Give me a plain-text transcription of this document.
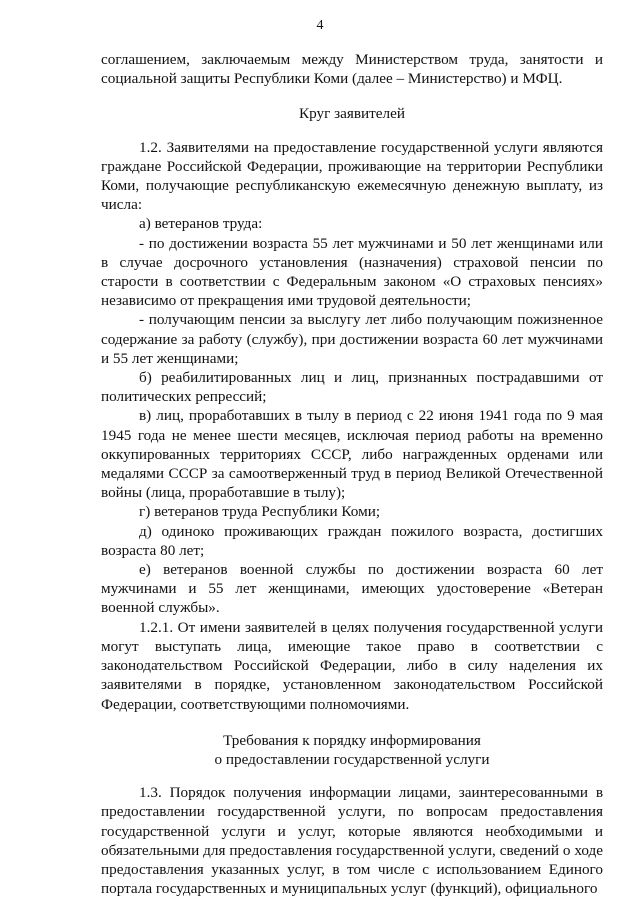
4

соглашением, заключаемым между Министерством труда, занятости и социальной защиты Республики Коми (далее – Министерство) и МФЦ.

Круг заявителей

1.2. Заявителями на предоставление государственной услуги являются граждане Российской Федерации, проживающие на территории Республики Коми, получающие республиканскую ежемесячную денежную выплату, из числа:

а) ветеранов труда:

- по достижении возраста 55 лет мужчинами и 50 лет женщинами или в случае досрочного установления (назначения) страховой пенсии по старости в соответствии с Федеральным законом «О страховых пенсиях» независимо от прекращения ими трудовой деятельности;

- получающим пенсии за выслугу лет либо получающим пожизненное содержание за работу (службу), при достижении возраста 60 лет мужчинами и 55 лет женщинами;

б) реабилитированных лиц и лиц, признанных пострадавшими от политических репрессий;

в) лиц, проработавших в тылу в период с 22 июня 1941 года по 9 мая 1945 года не менее шести месяцев, исключая период работы на временно оккупированных территориях СССР, либо награжденных орденами или медалями СССР за самоотверженный труд в период Великой Отечественной войны (лица, проработавшие в тылу);

г) ветеранов труда Республики Коми;

д) одиноко проживающих граждан пожилого возраста, достигших возраста 80 лет;

е) ветеранов военной службы по достижении возраста 60 лет мужчинами и 55 лет женщинами, имеющих удостоверение «Ветеран военной службы».

1.2.1. От имени заявителей в целях получения государственной услуги могут выступать лица, имеющие такое право в соответствии с законодательством Российской Федерации, либо в силу наделения их заявителями в порядке, установленном законодательством Российской Федерации, соответствующими полномочиями.

Требования к порядку информирования
о предоставлении государственной услуги

1.3. Порядок получения информации лицами, заинтересованными в предоставлении государственной услуги, по вопросам предоставления государственной услуги и услуг, которые являются необходимыми и обязательными для предоставления государственной услуги, сведений о ходе предоставления указанных услуг, в том числе с использованием Единого портала государственных и муниципальных услуг (функций), официального
